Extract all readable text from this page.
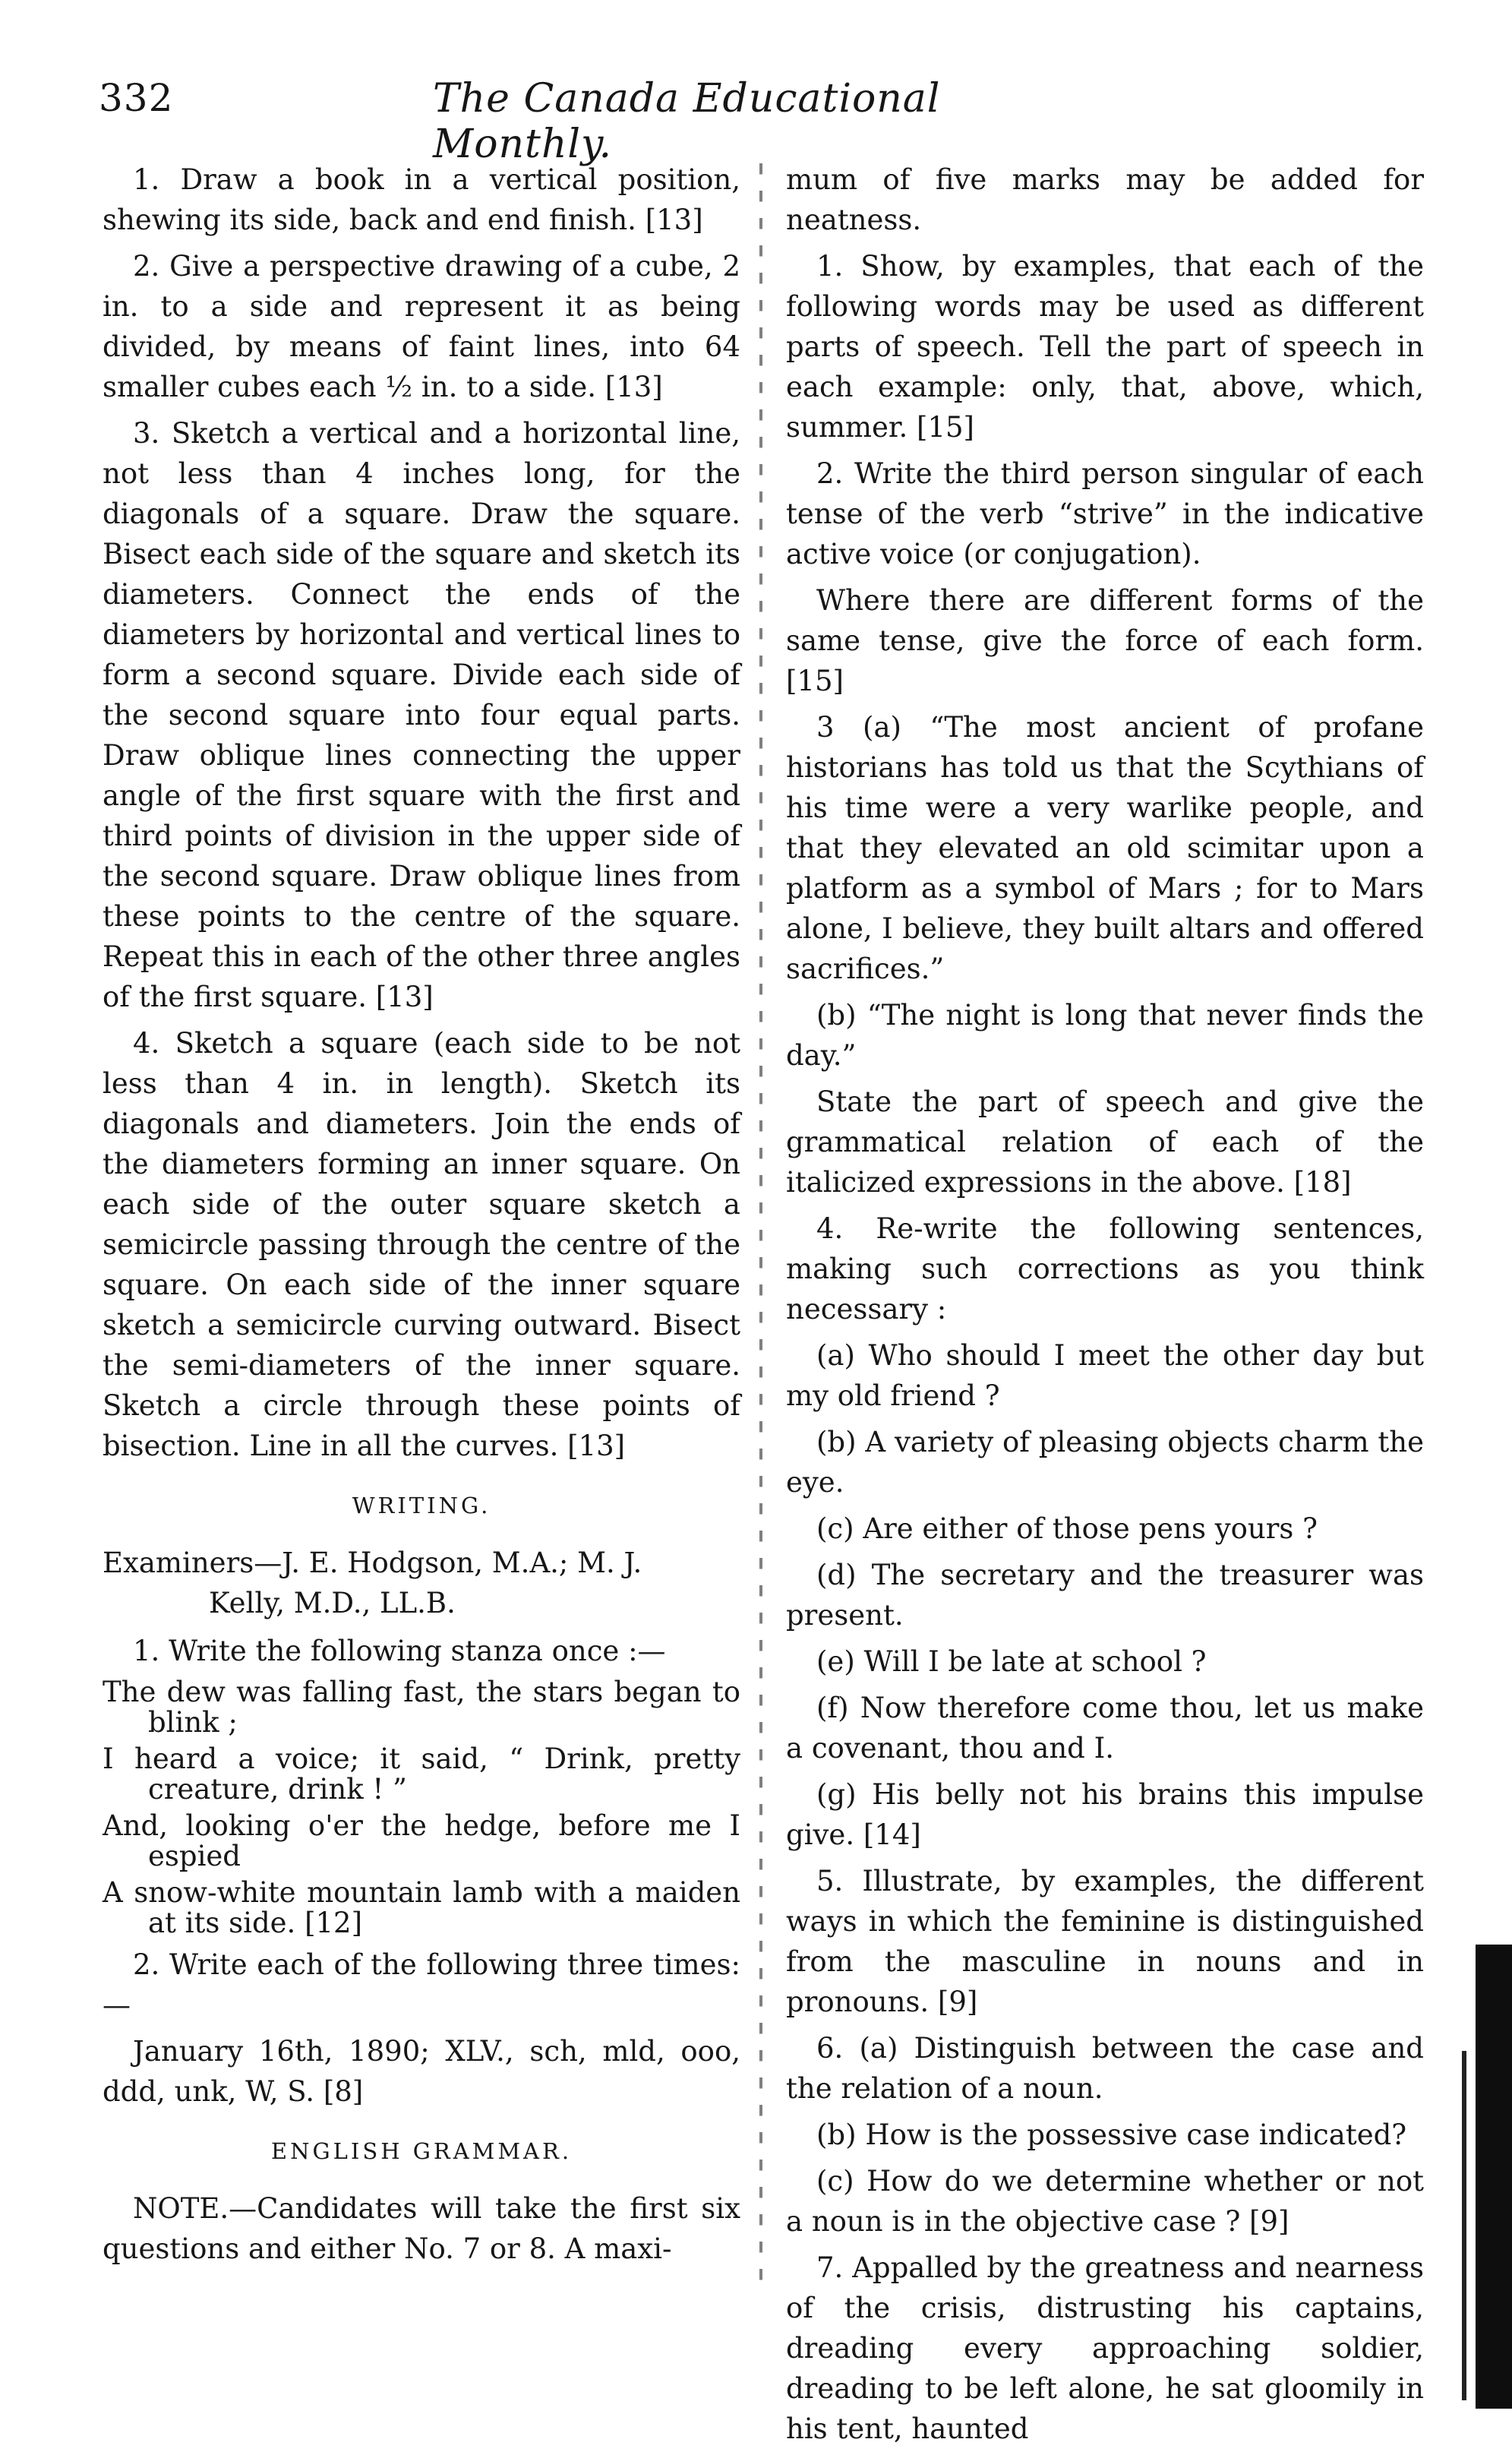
332	The Canada Educational Monthly.

1. Draw a book in a vertical position, shewing its side, back and end finish. [13]

2. Give a perspective drawing of a cube, 2 in. to a side and represent it as being divided, by means of faint lines, into 64 smaller cubes each ½ in. to a side. [13]

3. Sketch a vertical and a horizontal line, not less than 4 inches long, for the diagonals of a square. Draw the square. Bisect each side of the square and sketch its diameters. Connect the ends of the diameters by horizontal and vertical lines to form a second square. Divide each side of the second square into four equal parts. Draw oblique lines connecting the upper angle of the first square with the first and third points of division in the upper side of the second square. Draw oblique lines from these points to the centre of the square. Repeat this in each of the other three angles of the first square. [13]

4. Sketch a square (each side to be not less than 4 in. in length). Sketch its diagonals and diameters. Join the ends of the diameters forming an inner square. On each side of the outer square sketch a semicircle passing through the centre of the square. On each side of the inner square sketch a semicircle curving outward. Bisect the semi-diameters of the inner square. Sketch a circle through these points of bisection. Line in all the curves. [13]

WRITING.

Examiners—J. E. Hodgson, M.A.; M. J.
Kelly, M.D., LL.B.

1. Write the following stanza once :—

The dew was falling fast, the stars began to blink ;
I heard a voice; it said, “ Drink, pretty creature, drink ! ”
And, looking o'er the hedge, before me I espied
A snow-white mountain lamb with a maiden at its side. [12]

2. Write each of the following three times:—

January 16th, 1890; XLV., sch, mld, ooo, ddd, unk, W, S. [8]

ENGLISH GRAMMAR.

NOTE.—Candidates will take the first six questions and either No. 7 or 8. A maxi-

mum of five marks may be added for neatness.

1. Show, by examples, that each of the following words may be used as different parts of speech. Tell the part of speech in each example: only, that, above, which, summer. [15]

2. Write the third person singular of each tense of the verb “strive” in the indicative active voice (or conjugation).

Where there are different forms of the same tense, give the force of each form. [15]

3 (a) “The most ancient of profane historians has told us that the Scythians of his time were a very warlike people, and that they elevated an old scimitar upon a platform as a symbol of Mars ; for to Mars alone, I believe, they built altars and offered sacrifices.”

(b) “The night is long that never finds the day.”

State the part of speech and give the grammatical relation of each of the italicized expressions in the above. [18]

4. Re-write the following sentences, making such corrections as you think necessary :

(a) Who should I meet the other day but my old friend ?

(b) A variety of pleasing objects charm the eye.

(c) Are either of those pens yours ?

(d) The secretary and the treasurer was present.

(e) Will I be late at school ?

(f) Now therefore come thou, let us make a covenant, thou and I.

(g) His belly not his brains this impulse give. [14]

5. Illustrate, by examples, the different ways in which the feminine is distinguished from the masculine in nouns and in pronouns. [9]

6. (a) Distinguish between the case and the relation of a noun.

(b) How is the possessive case indicated?

(c) How do we determine whether or not a noun is in the objective case ? [9]

7. Appalled by the greatness and nearness of the crisis, distrusting his captains, dreading every approaching soldier, dreading to be left alone, he sat gloomily in his tent, haunted
